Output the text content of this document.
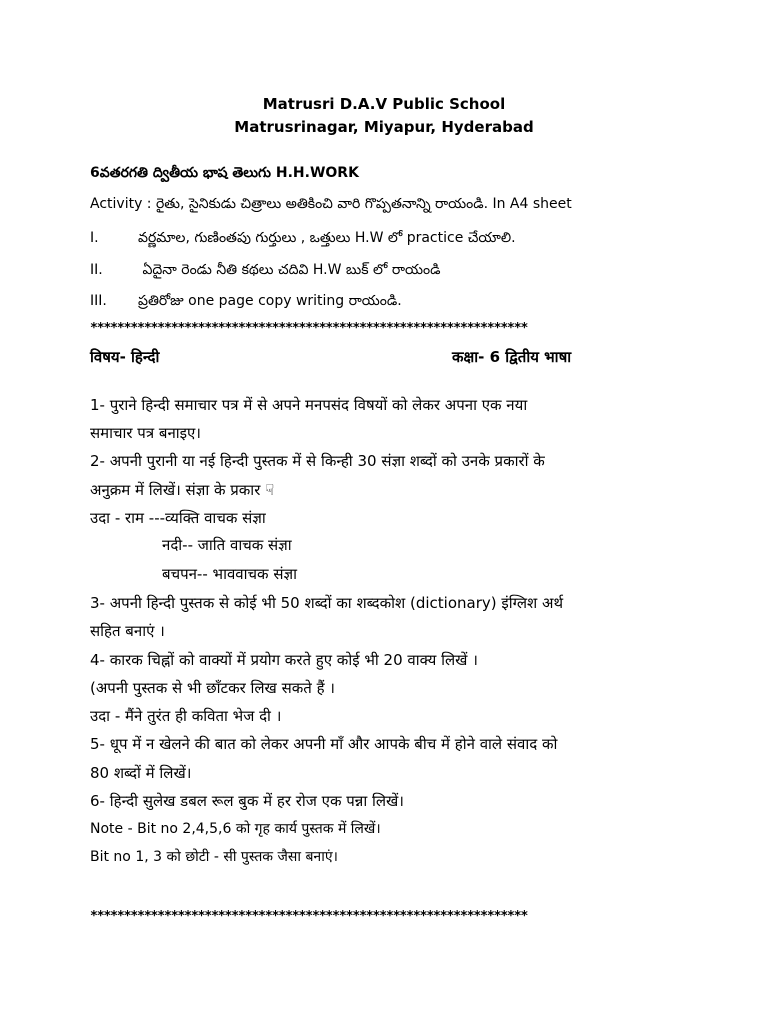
Matrusri D.A.V Public School
Matrusrinagar, Miyapur, Hyderabad
6వతరగతి ద్వితీయ భాష తెలుగు H.H.WORK
Activity : రైతు, సైనికుడు చిత్రాలు అతికించి వారి గొప్పతనాన్ని రాయండి. In A4 sheet
I.	వర్ణమాల, గుణింతపు గుర్తులు , ఒత్తులు H.W లో practice చేయాలి.
II.	ఏదైనా రెండు నీతి కథలు చదివి H.W బుక్ లో రాయండి
III. ప్రతిరోజు one page copy writing రాయండి.
*****************************************************************
विषय- हिन्दी	कक्षा- 6 द्वितीय भाषा
1- पुराने हिन्दी समाचार पत्र में से अपने मनपसंद विषयों को लेकर अपना एक नया
समाचार पत्र बनाइए।
2- अपनी पुरानी या नई हिन्दी पुस्तक में से किन्ही 30 संज्ञा शब्दों को उनके प्रकारों के
अनुक्रम में लिखें। संज्ञा के प्रकार ☟
उदा - राम ---व्यक्ति वाचक संज्ञा
नदी-- जाति वाचक संज्ञा
बचपन-- भाववाचक संज्ञा
3- अपनी हिन्दी पुस्तक से कोई भी 50 शब्दों का शब्दकोश (dictionary) इंग्लिश अर्थ
सहित बनाएं ।
4- कारक चिह्नों को वाक्यों में प्रयोग करते हुए कोई भी 20 वाक्य लिखें ।
(अपनी पुस्तक से भी छाँटकर लिख सकते हैं ।
उदा - मैंने तुरंत ही कविता भेज दी ।
5- धूप में न खेलने की बात को लेकर अपनी माँ और आपके बीच में होने वाले संवाद को
80 शब्दों में लिखें।
6- हिन्दी सुलेख डबल रूल बुक में हर रोज एक पन्ना लिखें।
Note - Bit no 2,4,5,6 को गृह कार्य पुस्तक में लिखें।
Bit no 1, 3 को छोटी - सी पुस्तक जैसा बनाएं।
*****************************************************************
